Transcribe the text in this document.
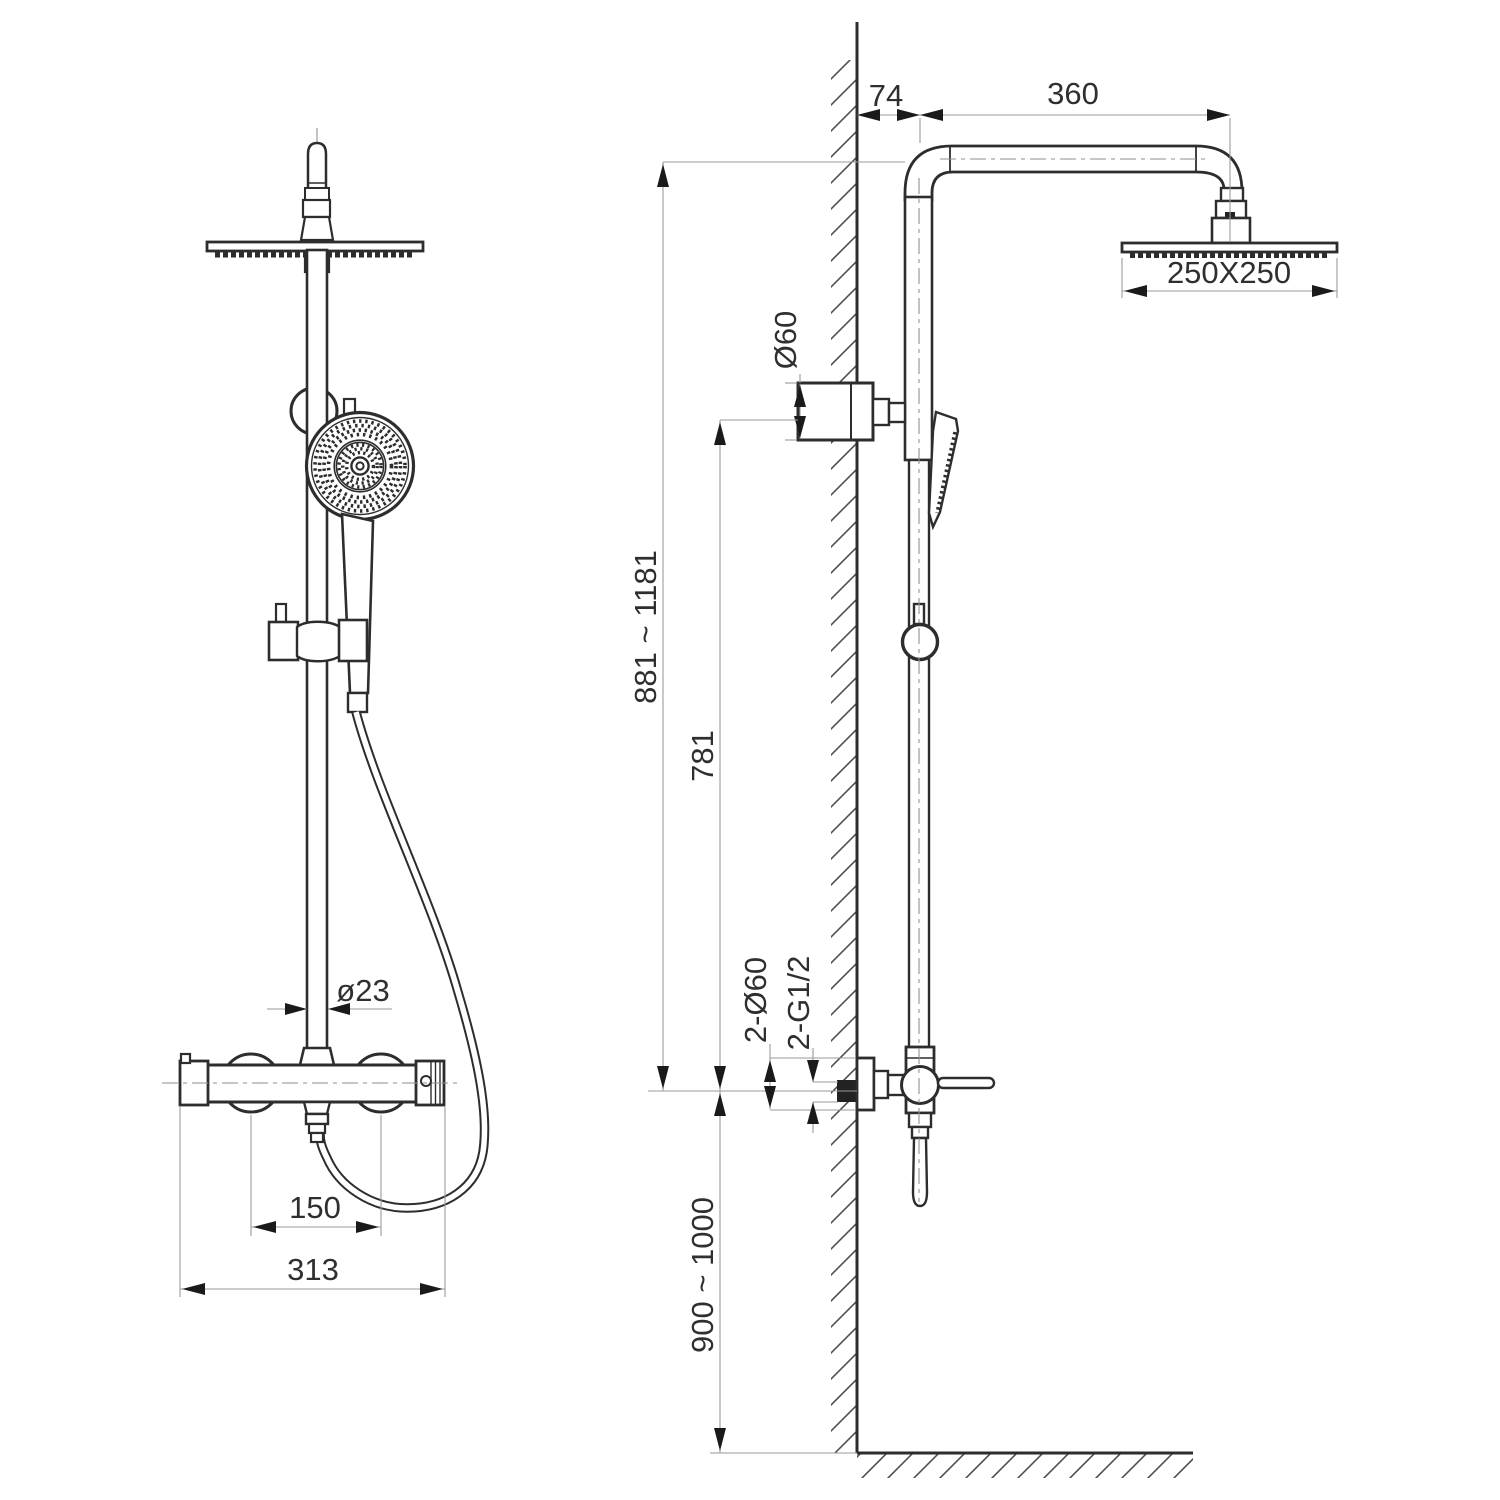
ø23
150
313
74	360
250X250
Ø60
881 ~ 1181
781
2-Ø60 2-G1/2
900 ~ 1000
